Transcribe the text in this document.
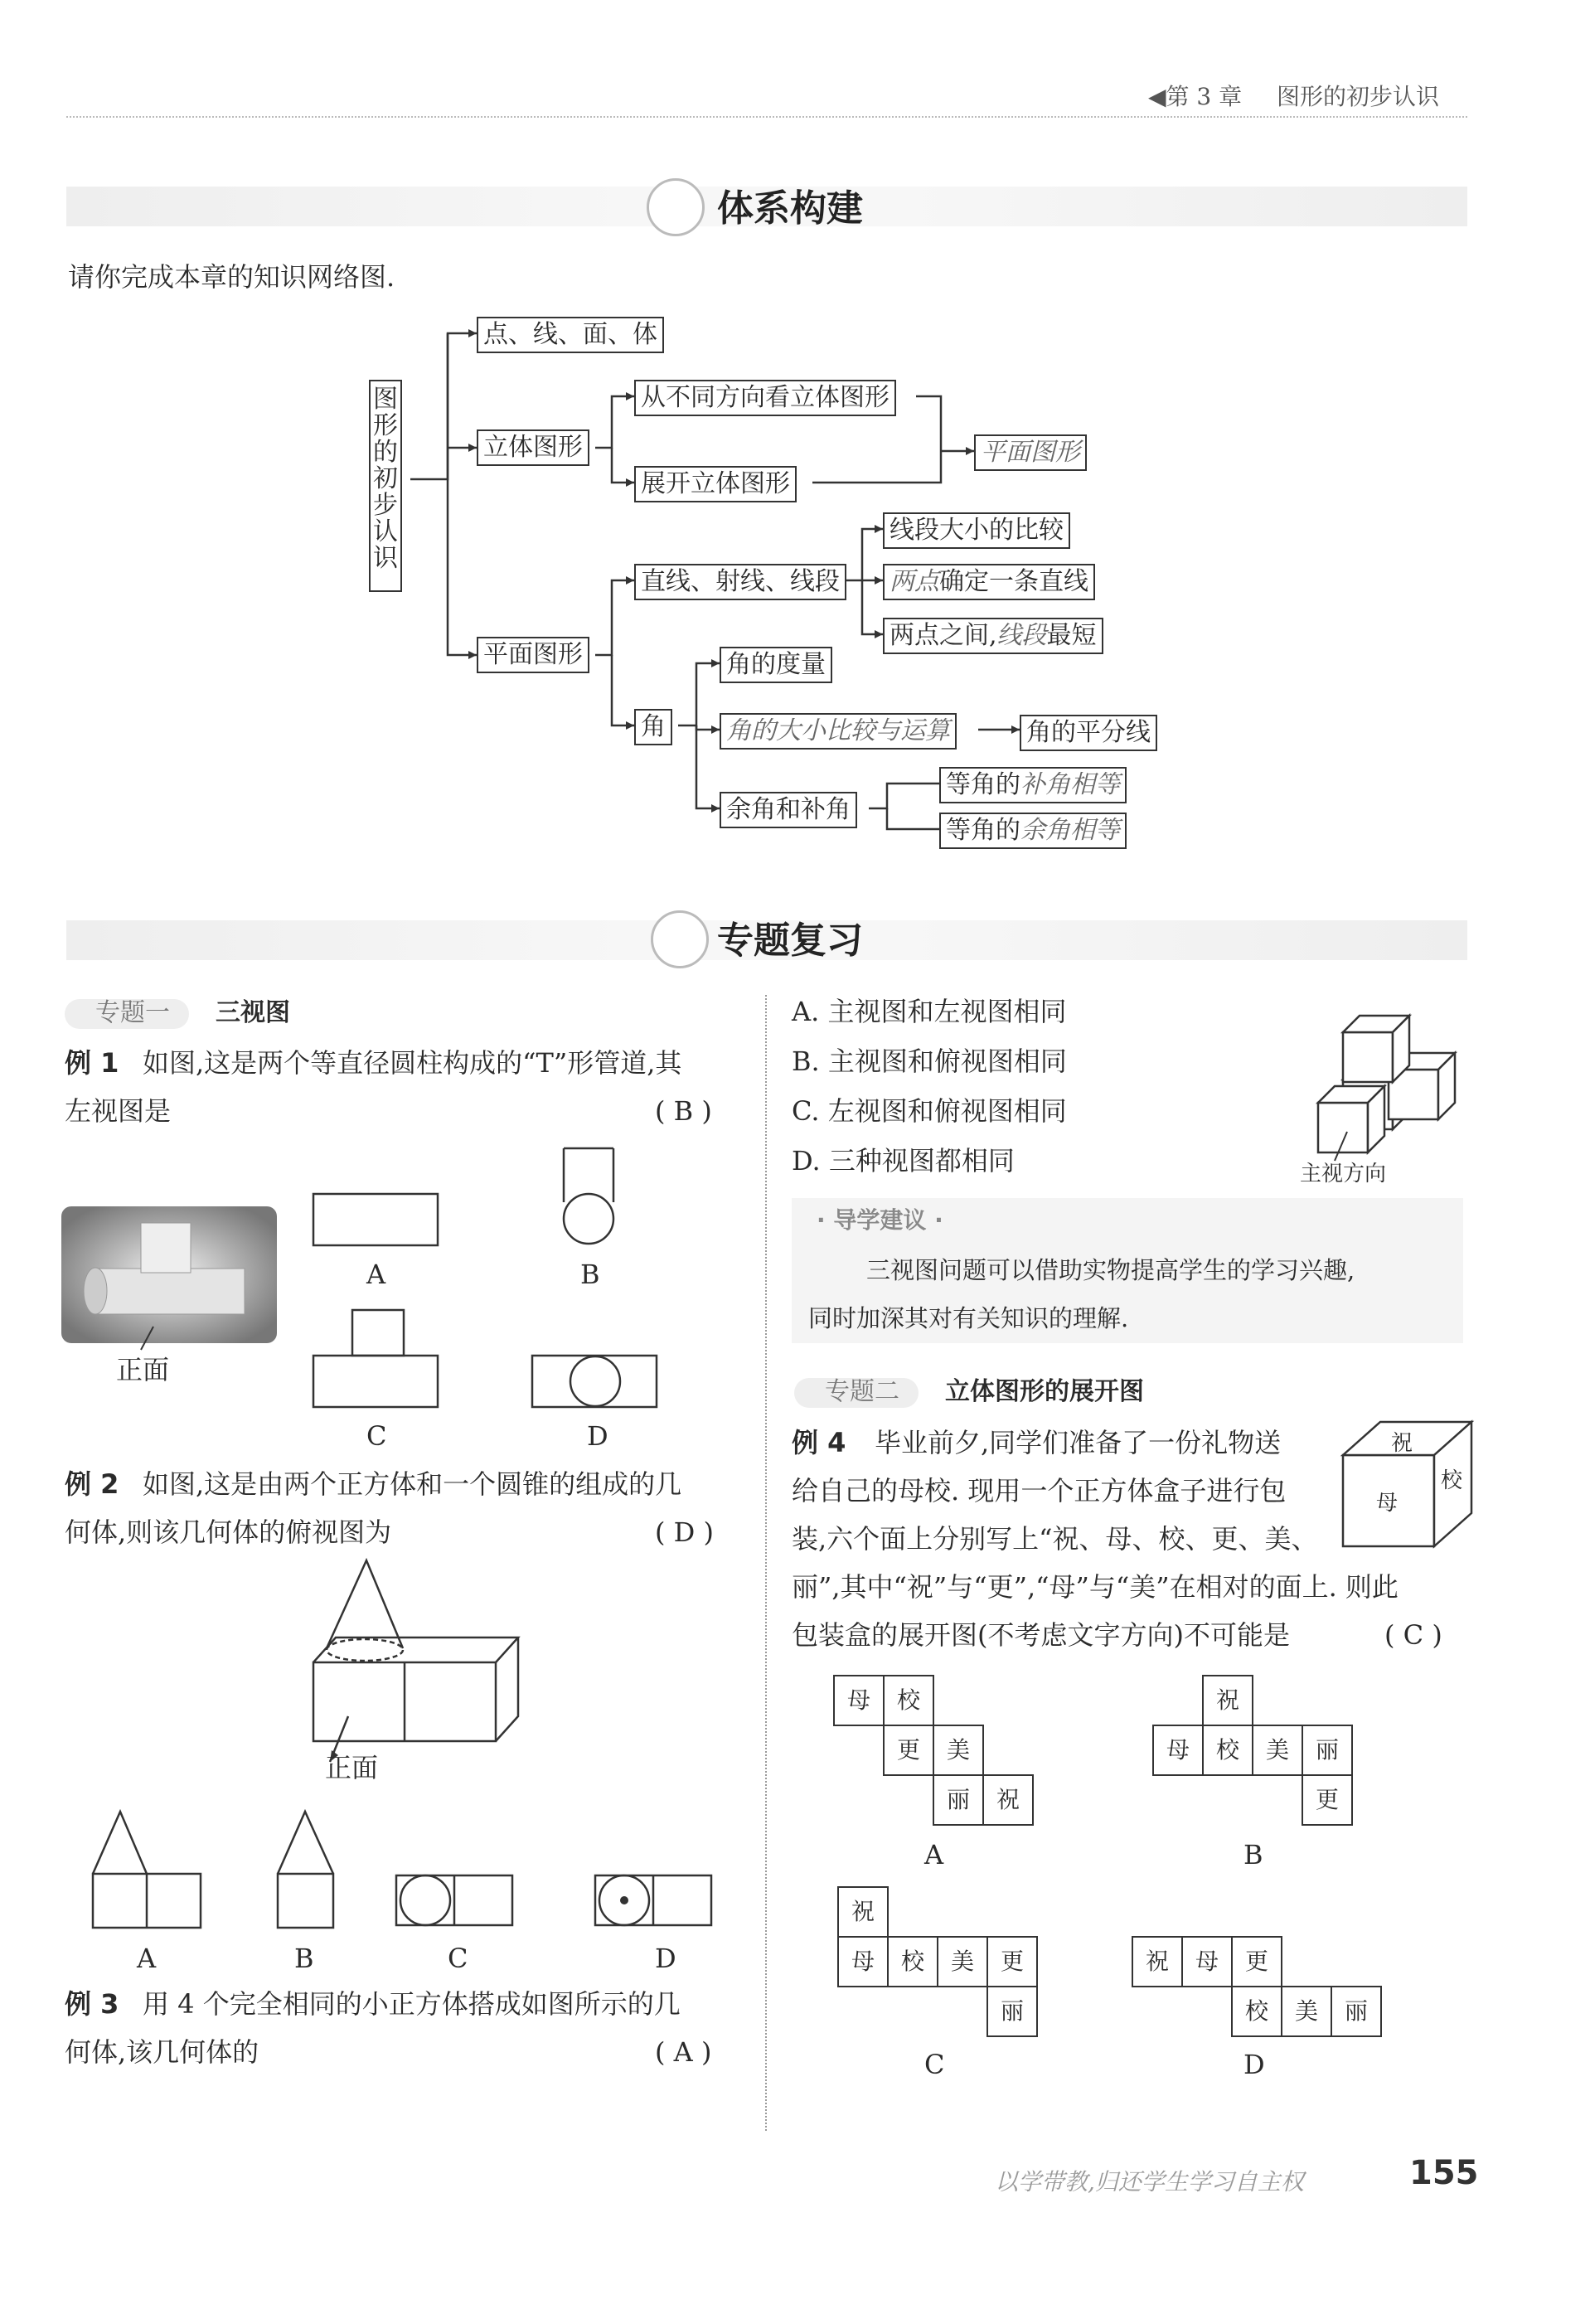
◀第 3 章 图形的初步认识
体系构建
请你完成本章的知识网络图.
图形的初步认识
点、线、面、体
立体图形
从不同方向看立体图形
展开立体图形
平面图形
平面图形
直线、射线、线段
线段大小的比较
两点确定一条直线
两点之间,线段最短
角
角的度量
角的大小比较与运算	角的平分线
余角和补角
等角的补角相等
等角的余角相等
专题复习
专题一 三视图
例 1 如图,这是两个等直径圆柱构成的“T”形管道,其
左视图是	( B )
正面
A	B
C	D
例 2 如图,这是由两个正方体和一个圆锥的组成的几
何体,则该几何体的俯视图为	( D )
正面
A	B	C	D
例 3 用 4 个完全相同的小正方体搭成如图所示的几
何体,该几何体的	( A )
A. 主视图和左视图相同
B. 主视图和俯视图相同
C. 左视图和俯视图相同
D. 三种视图都相同	主视方向
· 导学建议 ·
三视图问题可以借助实物提高学生的学习兴趣,
同时加深其对有关知识的理解.
专题二 立体图形的展开图
例 4 毕业前夕,同学们准备了一份礼物送
给自己的母校. 现用一个正方体盒子进行包
装,六个面上分别写上“祝、母、校、更、美、
丽”,其中“祝”与“更”,“母”与“美”在相对的面上. 则此
包装盒的展开图(不考虑文字方向)不可能是	( C )
祝
母
校
母	校
更	美
丽	祝
A
祝
母	校	美	丽
更
B
祝
母	校	美	更
丽
C
祝	母	更
校	美	丽
D
以学带教,归还学生学习自主权	155
